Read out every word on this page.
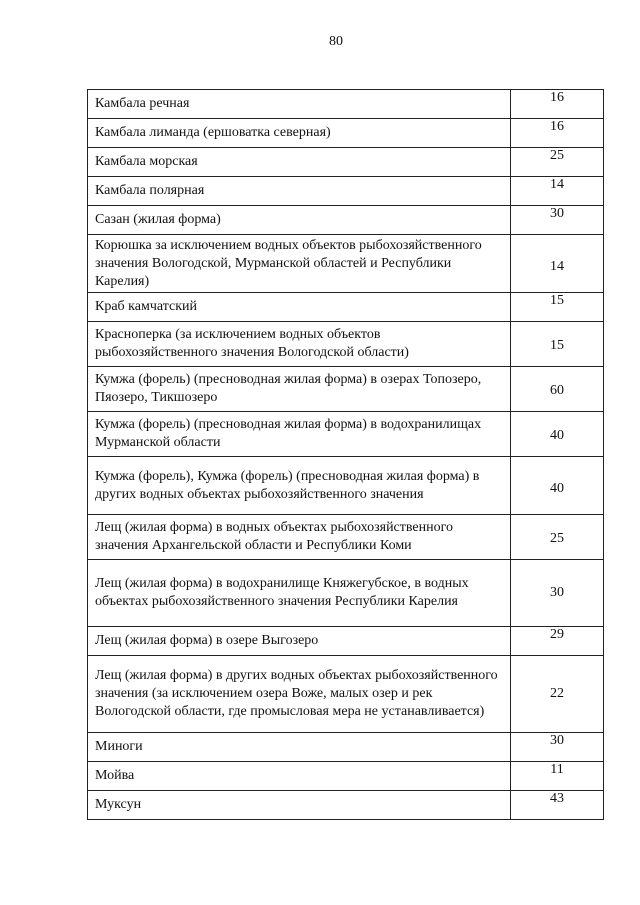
80
Камбала речная	16
Камбала лиманда (ершоватка северная)	16
Камбала морская	25
Камбала полярная	14
Сазан (жилая форма)	30
Корюшка за исключением водных объектов рыбохозяйственного значения Вологодской, Мурманской областей и Республики Карелия)	14
Краб камчатский	15
Красноперка (за исключением водных объектов рыбохозяйственного значения Вологодской области)	15
Кумжа (форель) (пресноводная жилая форма) в озерах Топозеро, Пяозеро, Тикшозеро	60
Кумжа (форель) (пресноводная жилая форма) в водохранилищах Мурманской области	40
Кумжа (форель), Кумжа (форель) (пресноводная жилая форма) в других водных объектах рыбохозяйственного значения	40
Лещ (жилая форма) в водных объектах рыбохозяйственного значения Архангельской области и Республики Коми	25
Лещ (жилая форма) в водохранилище Княжегубское, в водных объектах рыбохозяйственного значения Республики Карелия	30
Лещ (жилая форма) в озере Выгозеро	29
Лещ (жилая форма) в других водных объектах рыбохозяйственного значения (за исключением озера Воже, малых озер и рек Вологодской области, где промысловая мера не устанавливается)	22
Миноги	30
Мойва	11
Муксун	43
